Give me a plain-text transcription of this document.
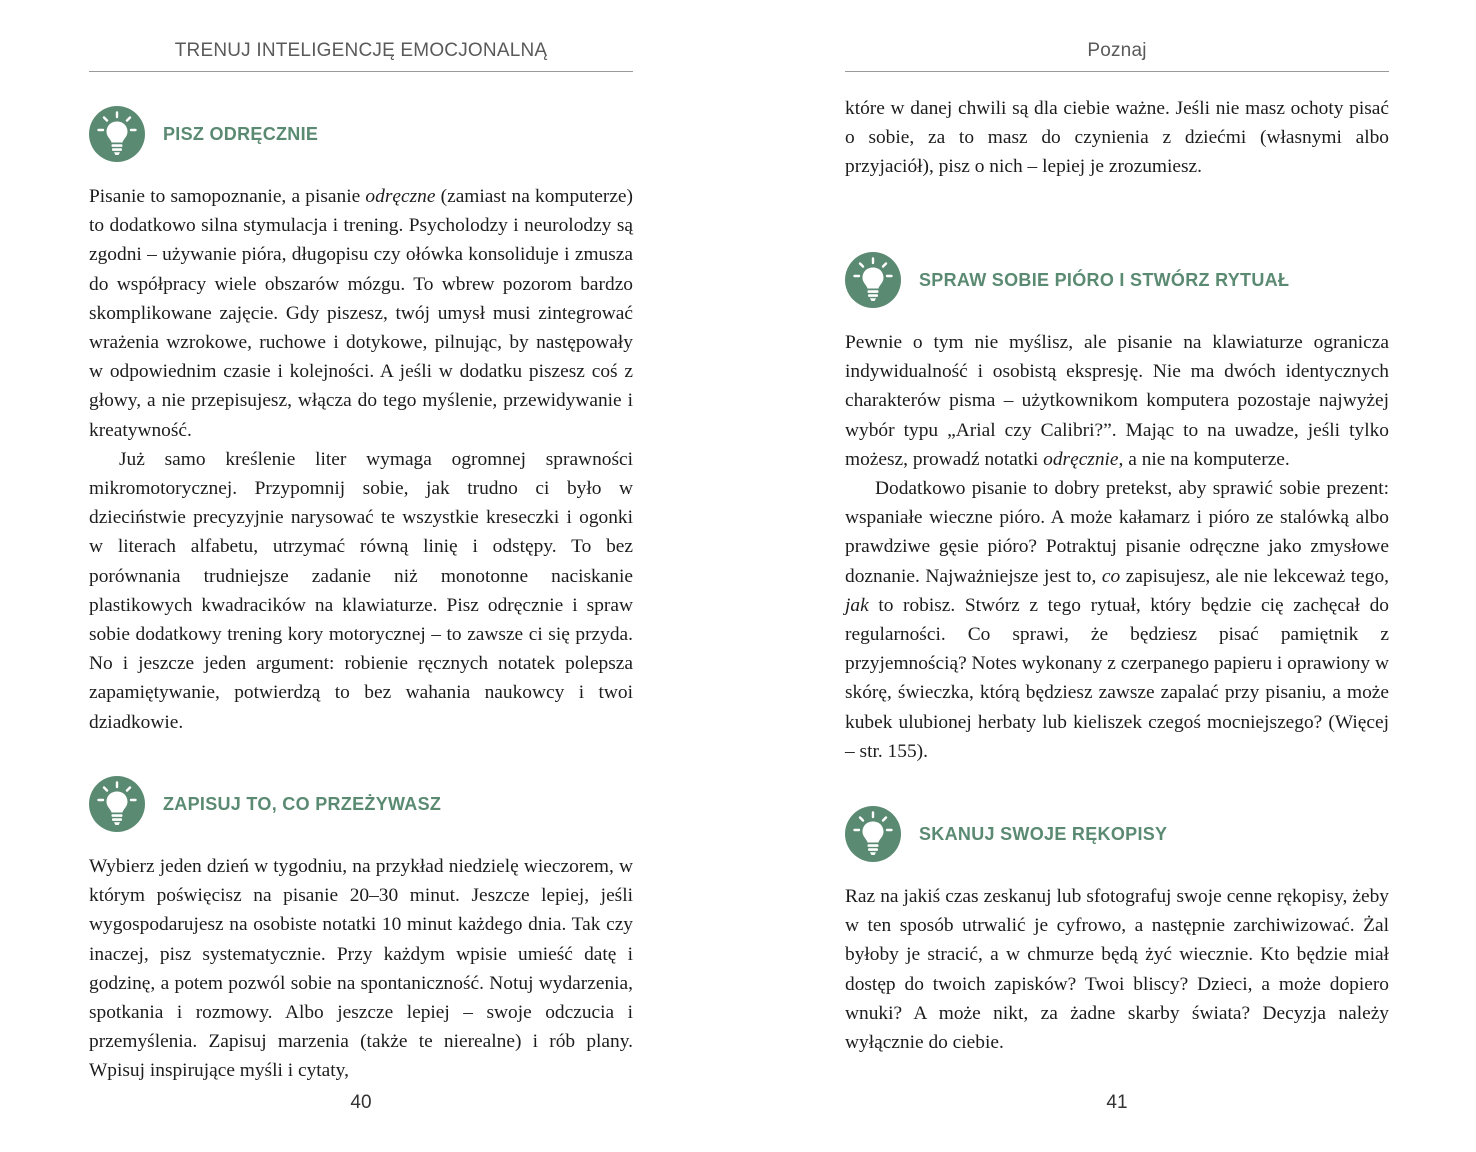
TRENUJ INTELIGENCJĘ EMOCJONALNĄ
PISZ ODRĘCZNIE

Pisanie to samopoznanie, a pisanie odręczne (zamiast na komputerze) to dodatkowo silna stymulacja i trening. Psycholodzy i neurolodzy są zgodni – używanie pióra, długopisu czy ołówka konsoliduje i zmusza do współpracy wiele obszarów mózgu. To wbrew pozorom bardzo skomplikowane zajęcie. Gdy piszesz, twój umysł musi zintegrować wrażenia wzrokowe, ruchowe i dotykowe, pilnując, by następowały w odpowiednim czasie i kolejności. A jeśli w dodatku piszesz coś z głowy, a nie przepisujesz, włącza do tego myślenie, przewidywanie i kreatywność.

Już samo kreślenie liter wymaga ogromnej sprawności mikromotorycznej. Przypomnij sobie, jak trudno ci było w dzieciństwie precyzyjnie narysować te wszystkie kreseczki i ogonki w literach alfabetu, utrzymać równą linię i odstępy. To bez porównania trudniejsze zadanie niż monotonne naciskanie plastikowych kwadracików na klawiaturze. Pisz odręcznie i spraw sobie dodatkowy trening kory motorycznej – to zawsze ci się przyda. No i jeszcze jeden argument: robienie ręcznych notatek polepsza zapamiętywanie, potwierdzą to bez wahania naukowcy i twoi dziadkowie.

ZAPISUJ TO, CO PRZEŻYWASZ

Wybierz jeden dzień w tygodniu, na przykład niedzielę wieczorem, w którym poświęcisz na pisanie 20–30 minut. Jeszcze lepiej, jeśli wygospodarujesz na osobiste notatki 10 minut każdego dnia. Tak czy inaczej, pisz systematycznie. Przy każdym wpisie umieść datę i godzinę, a potem pozwól sobie na spontaniczność. Notuj wydarzenia, spotkania i rozmowy. Albo jeszcze lepiej – swoje odczucia i przemyślenia. Zapisuj marzenia (także te nierealne) i rób plany. Wpisuj inspirujące myśli i cytaty,

40
Poznaj

które w danej chwili są dla ciebie ważne. Jeśli nie masz ochoty pisać o sobie, za to masz do czynienia z dziećmi (własnymi albo przyjaciół), pisz o nich – lepiej je zrozumiesz.

SPRAW SOBIE PIÓRO I STWÓRZ RYTUAŁ

Pewnie o tym nie myślisz, ale pisanie na klawiaturze ogranicza indywidualność i osobistą ekspresję. Nie ma dwóch identycznych charakterów pisma – użytkownikom komputera pozostaje najwyżej wybór typu „Arial czy Calibri?”. Mając to na uwadze, jeśli tylko możesz, prowadź notatki odręcznie, a nie na komputerze.

Dodatkowo pisanie to dobry pretekst, aby sprawić sobie prezent: wspaniałe wieczne pióro. A może kałamarz i pióro ze stalówką albo prawdziwe gęsie pióro? Potraktuj pisanie odręczne jako zmysłowe doznanie. Najważniejsze jest to, co zapisujesz, ale nie lekceważ tego, jak to robisz. Stwórz z tego rytuał, który będzie cię zachęcał do regularności. Co sprawi, że będziesz pisać pamiętnik z przyjemnością? Notes wykonany z czerpanego papieru i oprawiony w skórę, świeczka, którą będziesz zawsze zapalać przy pisaniu, a może kubek ulubionej herbaty lub kieliszek czegoś mocniejszego? (Więcej – str. 155).

SKANUJ SWOJE RĘKOPISY

Raz na jakiś czas zeskanuj lub sfotografuj swoje cenne rękopisy, żeby w ten sposób utrwalić je cyfrowo, a następnie zarchiwizować. Żal byłoby je stracić, a w chmurze będą żyć wiecznie. Kto będzie miał dostęp do twoich zapisków? Twoi bliscy? Dzieci, a może dopiero wnuki? A może nikt, za żadne skarby świata? Decyzja należy wyłącznie do ciebie.

41
